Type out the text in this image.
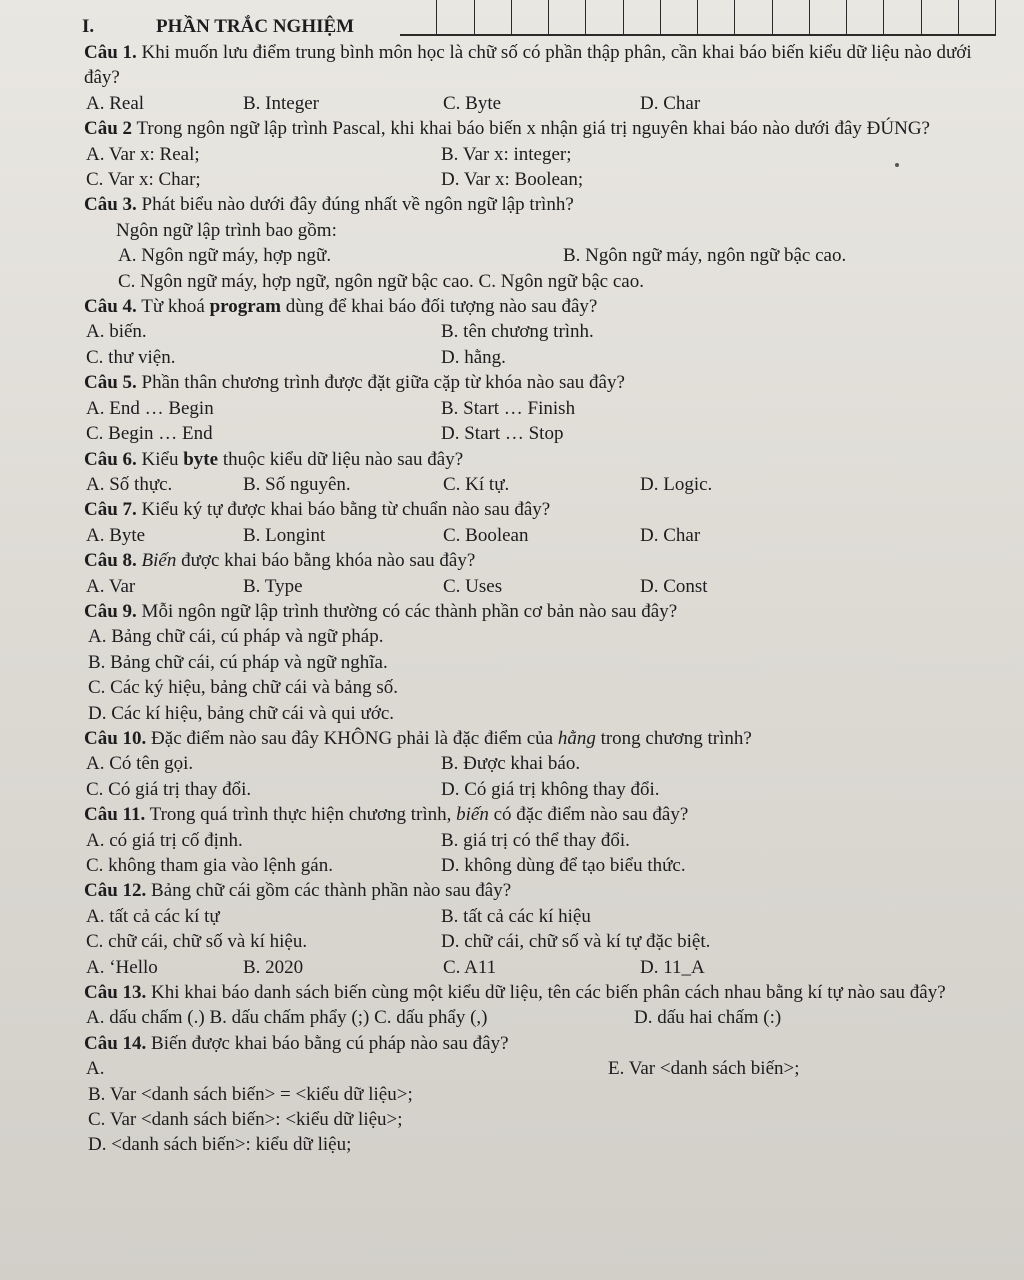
I.	PHẦN TRẮC NGHIỆM
Câu 1. Khi muốn lưu điểm trung bình môn học là chữ số có phần thập phân, cần khai báo biến kiểu dữ liệu nào dưới đây?
A. Real	B. Integer	C. Byte	D. Char
Câu 2 Trong ngôn ngữ lập trình Pascal, khi khai báo biến x nhận giá trị nguyên khai báo nào dưới đây ĐÚNG?
A. Var x: Real;	B. Var x: integer;
C. Var x: Char;	D. Var x: Boolean;
Câu 3. Phát biểu nào dưới đây đúng nhất về ngôn ngữ lập trình?
Ngôn ngữ lập trình bao gồm:
A. Ngôn ngữ máy, hợp ngữ.	B. Ngôn ngữ máy, ngôn ngữ bậc cao.
C. Ngôn ngữ máy, hợp ngữ, ngôn ngữ bậc cao. C. Ngôn ngữ bậc cao.
Câu 4. Từ khoá program dùng để khai báo đối tượng nào sau đây?
A. biến.	B. tên chương trình.
C. thư viện.	D. hằng.
Câu 5. Phần thân chương trình được đặt giữa cặp từ khóa nào sau đây?
A. End … Begin	B. Start … Finish
C. Begin … End	D. Start … Stop
Câu 6. Kiểu byte thuộc kiểu dữ liệu nào sau đây?
A. Số thực.	B. Số nguyên.	C. Kí tự.	D. Logic.
Câu 7. Kiểu ký tự được khai báo bằng từ chuẩn nào sau đây?
A. Byte	B. Longint	C. Boolean	D. Char
Câu 8. Biến được khai báo bằng khóa nào sau đây?
A. Var	B. Type	C. Uses	D. Const
Câu 9. Mỗi ngôn ngữ lập trình thường có các thành phần cơ bản nào sau đây?
A. Bảng chữ cái, cú pháp và ngữ pháp.
B. Bảng chữ cái, cú pháp và ngữ nghĩa.
C. Các ký hiệu, bảng chữ cái và bảng số.
D. Các kí hiệu, bảng chữ cái và qui ước.
Câu 10. Đặc điểm nào sau đây KHÔNG phải là đặc điểm của hằng trong chương trình?
A. Có tên gọi.	B. Được khai báo.
C. Có giá trị thay đổi.	D. Có giá trị không thay đổi.
Câu 11. Trong quá trình thực hiện chương trình, biến có đặc điểm nào sau đây?
A. có giá trị cố định.	B. giá trị có thể thay đổi.
C. không tham gia vào lệnh gán.	D. không dùng để tạo biểu thức.
Câu 12. Bảng chữ cái gồm các thành phần nào sau đây?
A. tất cả các kí tự	B. tất cả các kí hiệu
C. chữ cái, chữ số và kí hiệu.	D. chữ cái, chữ số và kí tự đặc biệt.
A. ‘Hello	B. 2020	C. A11	D. 11_A
Câu 13. Khi khai báo danh sách biến cùng một kiểu dữ liệu, tên các biến phân cách nhau bằng kí tự nào sau đây?
A. dấu chấm (.) B. dấu chấm phẩy (;) C. dấu phẩy (,)	D. dấu hai chấm (:)
Câu 14. Biến được khai báo bằng cú pháp nào sau đây?
A.	E. Var <danh sách biến>;
B. Var <danh sách biến> = <kiểu dữ liệu>;
C. Var <danh sách biến>: <kiểu dữ liệu>;
D. <danh sách biến>: kiểu dữ liệu;
